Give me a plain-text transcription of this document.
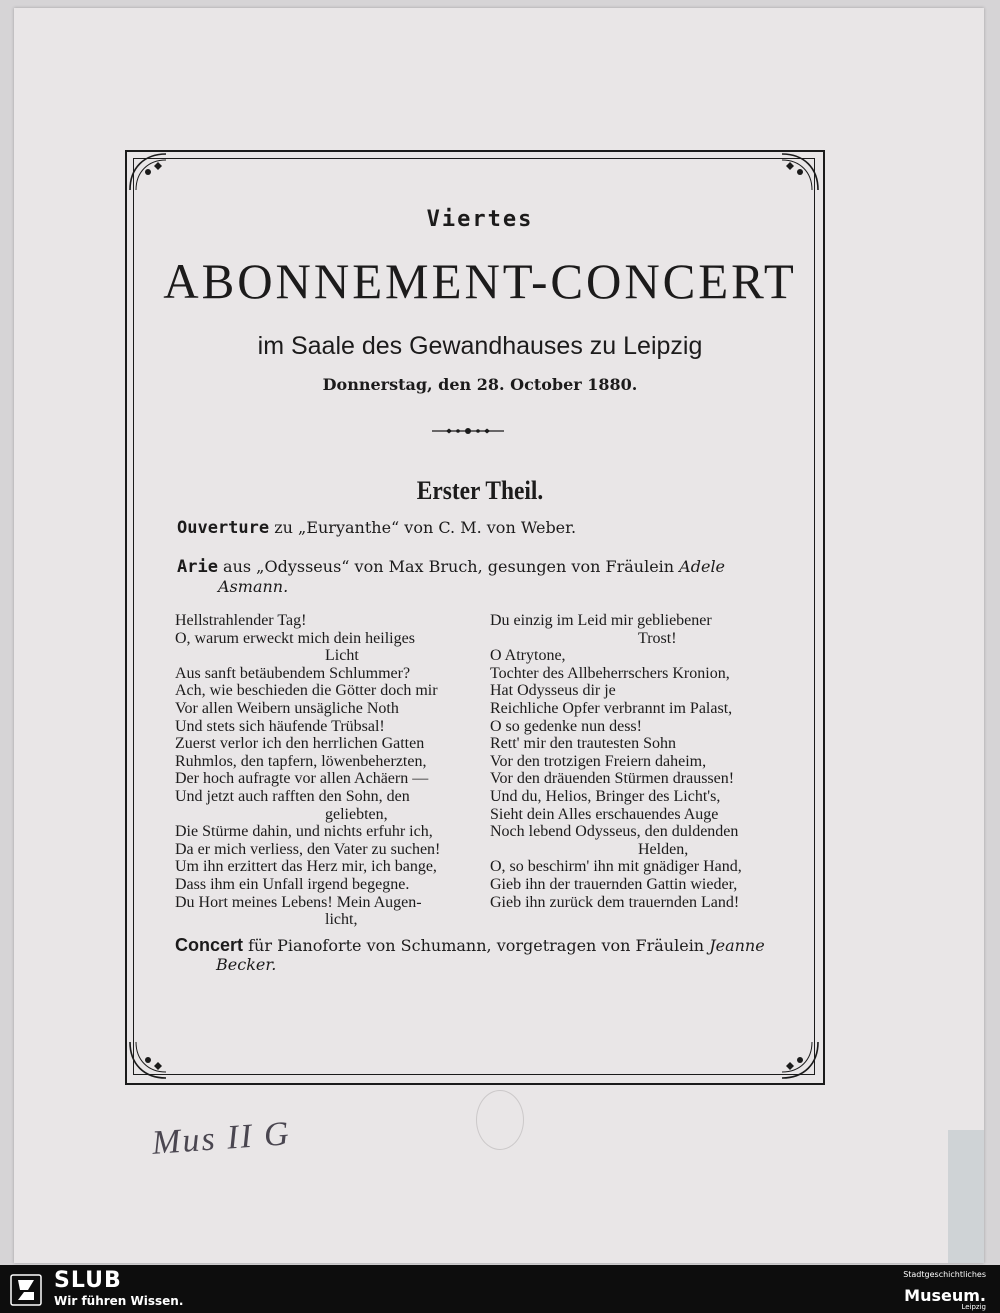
Viertes
ABONNEMENT-CONCERT
im Saale des Gewandhauses zu Leipzig
Donnerstag, den 28. October 1880.
Erster Theil.
Ouverture zu „Euryanthe“ von C. M. von Weber.
Arie aus „Odysseus“ von Max Bruch, gesungen von Fräulein Adele
Asmann.
Hellstrahlender Tag!
O, warum erweckt mich dein heiliges
Licht
Aus sanft betäubendem Schlummer?
Ach, wie beschieden die Götter doch mir
Vor allen Weibern unsägliche Noth
Und stets sich häufende Trübsal!
Zuerst verlor ich den herrlichen Gatten
Ruhmlos, den tapfern, löwenbeherzten,
Der hoch aufragte vor allen Achäern —
Und jetzt auch rafften den Sohn, den
geliebten,
Die Stürme dahin, und nichts erfuhr ich,
Da er mich verliess, den Vater zu suchen!
Um ihn erzittert das Herz mir, ich bange,
Dass ihm ein Unfall irgend begegne.
Du Hort meines Lebens! Mein Augen-
licht,
Du einzig im Leid mir gebliebener
Trost!
O Atrytone,
Tochter des Allbeherrschers Kronion,
Hat Odysseus dir je
Reichliche Opfer verbrannt im Palast,
O so gedenke nun dess!
Rett' mir den trautesten Sohn
Vor den trotzigen Freiern daheim,
Vor den dräuenden Stürmen draussen!
Und du, Helios, Bringer des Licht's,
Sieht dein Alles erschauendes Auge
Noch lebend Odysseus, den duldenden
Helden,
O, so beschirm' ihn mit gnädiger Hand,
Gieb ihn der trauernden Gattin wieder,
Gieb ihn zurück dem trauernden Land!
Concert für Pianoforte von Schumann, vorgetragen von Fräulein Jeanne
Becker.
Mus II G
SLUB
Wir führen Wissen.
Stadtgeschichtliches
Museum.
Leipzig
